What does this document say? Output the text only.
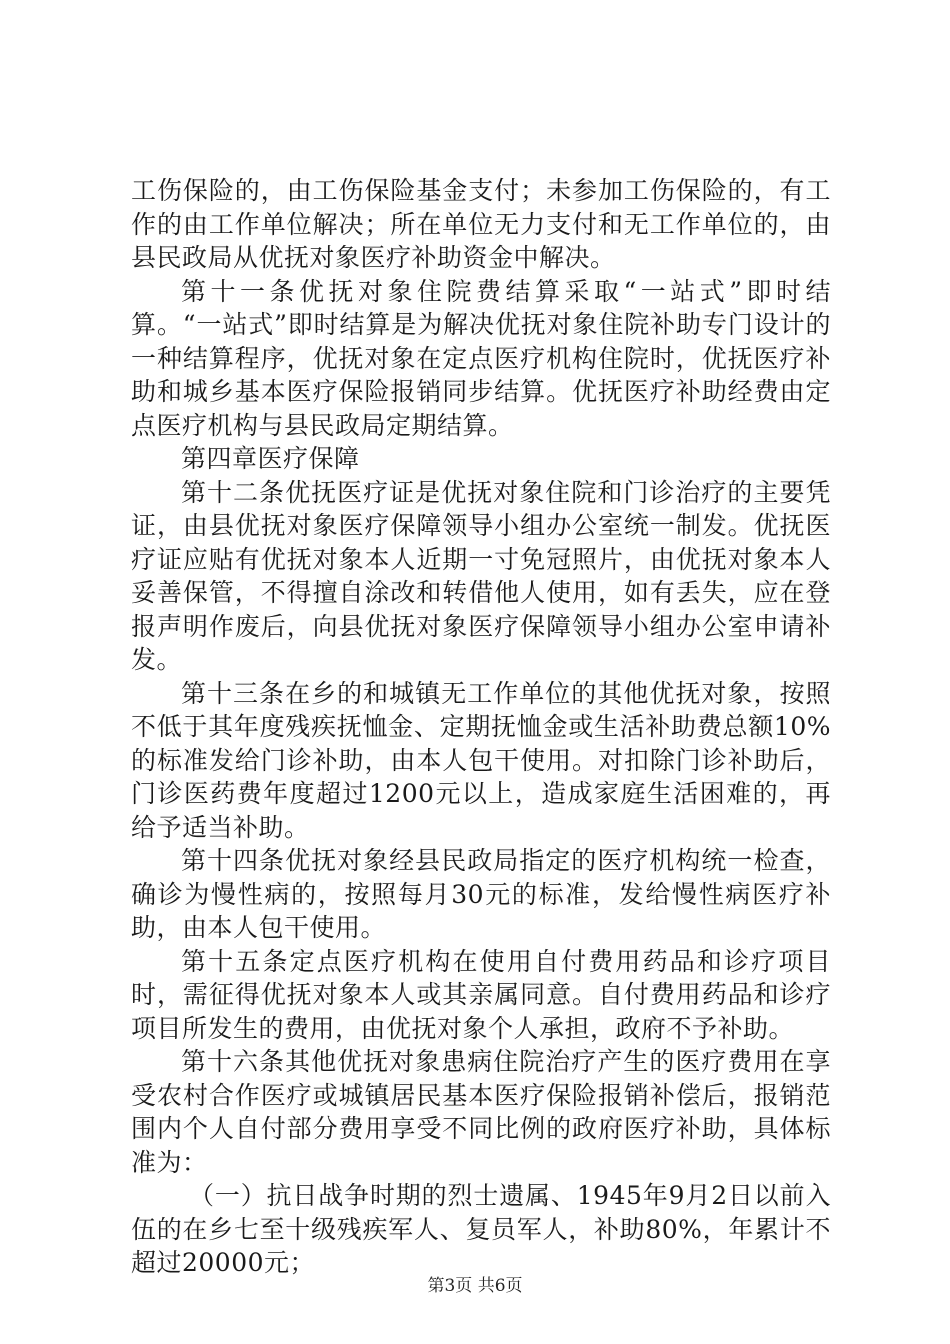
工伤保险的，由工伤保险基金支付；未参加工伤保险的，有工作的由工作单位解决；所在单位无力支付和无工作单位的，由县民政局从优抚对象医疗补助资金中解决。

第十一条优抚对象住院费结算采取“一站式”即时结算。“一站式”即时结算是为解决优抚对象住院补助专门设计的一种结算程序，优抚对象在定点医疗机构住院时，优抚医疗补助和城乡基本医疗保险报销同步结算。优抚医疗补助经费由定点医疗机构与县民政局定期结算。

第四章医疗保障

第十二条优抚医疗证是优抚对象住院和门诊治疗的主要凭证，由县优抚对象医疗保障领导小组办公室统一制发。优抚医疗证应贴有优抚对象本人近期一寸免冠照片，由优抚对象本人妥善保管，不得擅自涂改和转借他人使用，如有丢失，应在登报声明作废后，向县优抚对象医疗保障领导小组办公室申请补发。

第十三条在乡的和城镇无工作单位的其他优抚对象，按照不低于其年度残疾抚恤金、定期抚恤金或生活补助费总额10%的标准发给门诊补助，由本人包干使用。对扣除门诊补助后，门诊医药费年度超过1200元以上，造成家庭生活困难的，再给予适当补助。

第十四条优抚对象经县民政局指定的医疗机构统一检查，确诊为慢性病的，按照每月30元的标准，发给慢性病医疗补助，由本人包干使用。

第十五条定点医疗机构在使用自付费用药品和诊疗项目时，需征得优抚对象本人或其亲属同意。自付费用药品和诊疗项目所发生的费用，由优抚对象个人承担，政府不予补助。

第十六条其他优抚对象患病住院治疗产生的医疗费用在享受农村合作医疗或城镇居民基本医疗保险报销补偿后，报销范围内个人自付部分费用享受不同比例的政府医疗补助，具体标准为：

（一）抗日战争时期的烈士遗属、1945年9月2日以前入伍的在乡七至十级残疾军人、复员军人，补助80%，年累计不超过20000元；

第3页 共6页
